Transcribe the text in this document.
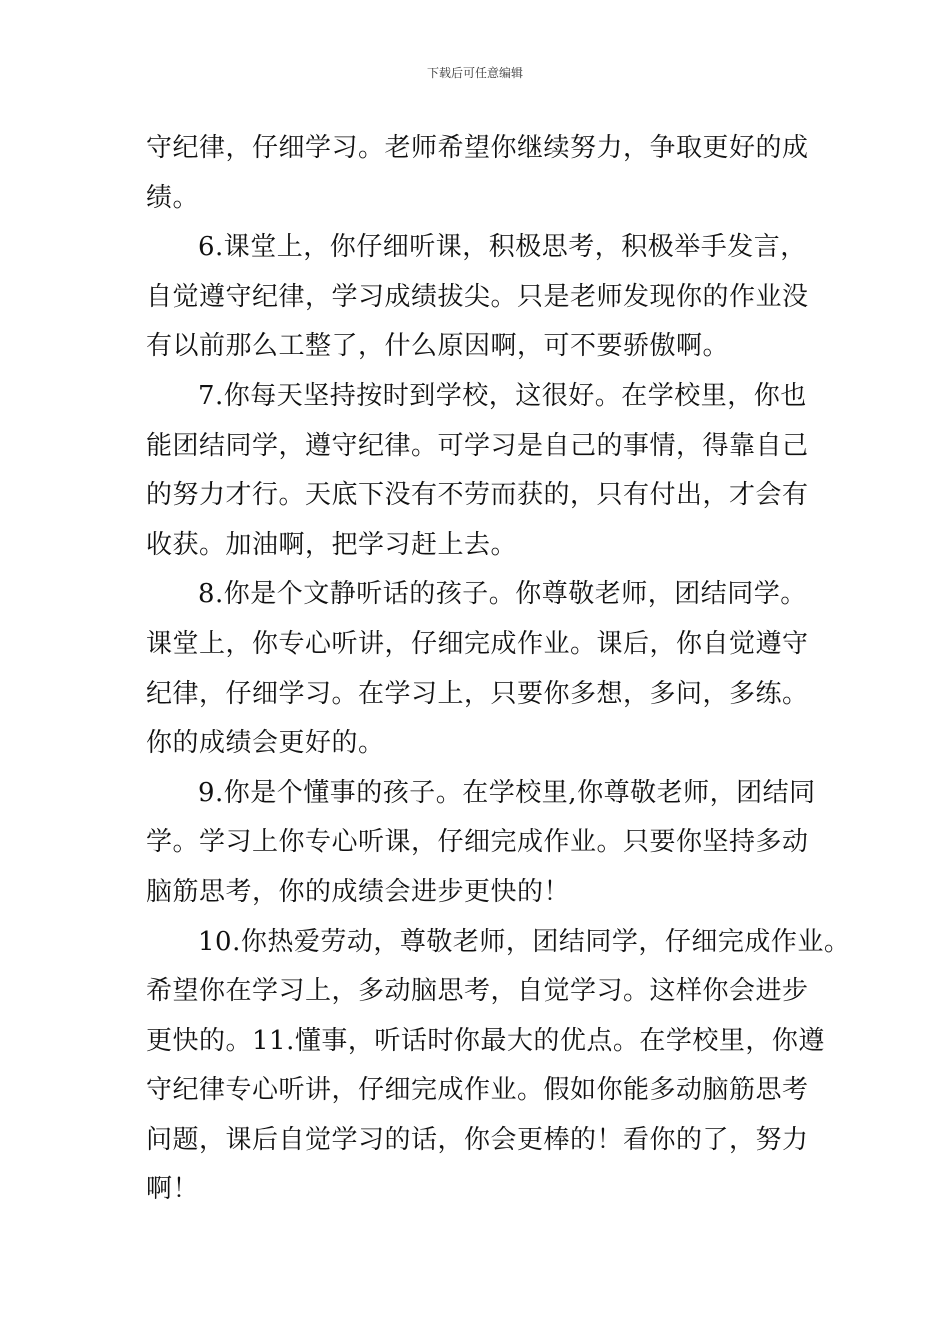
下载后可任意编辑
守纪律，仔细学习。老师希望你继续努力，争取更好的成
绩。
6.课堂上，你仔细听课，积极思考，积极举手发言，
自觉遵守纪律，学习成绩拔尖。只是老师发现你的作业没
有以前那么工整了，什么原因啊，可不要骄傲啊。
7.你每天坚持按时到学校，这很好。在学校里，你也
能团结同学，遵守纪律。可学习是自己的事情，得靠自己
的努力才行。天底下没有不劳而获的，只有付出，才会有
收获。加油啊，把学习赶上去。
8.你是个文静听话的孩子。你尊敬老师，团结同学。
课堂上，你专心听讲，仔细完成作业。课后，你自觉遵守
纪律，仔细学习。在学习上，只要你多想，多问，多练。
你的成绩会更好的。
9.你是个懂事的孩子。在学校里,你尊敬老师，团结同
学。学习上你专心听课，仔细完成作业。只要你坚持多动
脑筋思考，你的成绩会进步更快的！
10.你热爱劳动，尊敬老师，团结同学，仔细完成作业。
希望你在学习上，多动脑思考，自觉学习。这样你会进步
更快的。11.懂事，听话时你最大的优点。在学校里，你遵
守纪律专心听讲，仔细完成作业。假如你能多动脑筋思考
问题，课后自觉学习的话，你会更棒的！看你的了，努力
啊！
